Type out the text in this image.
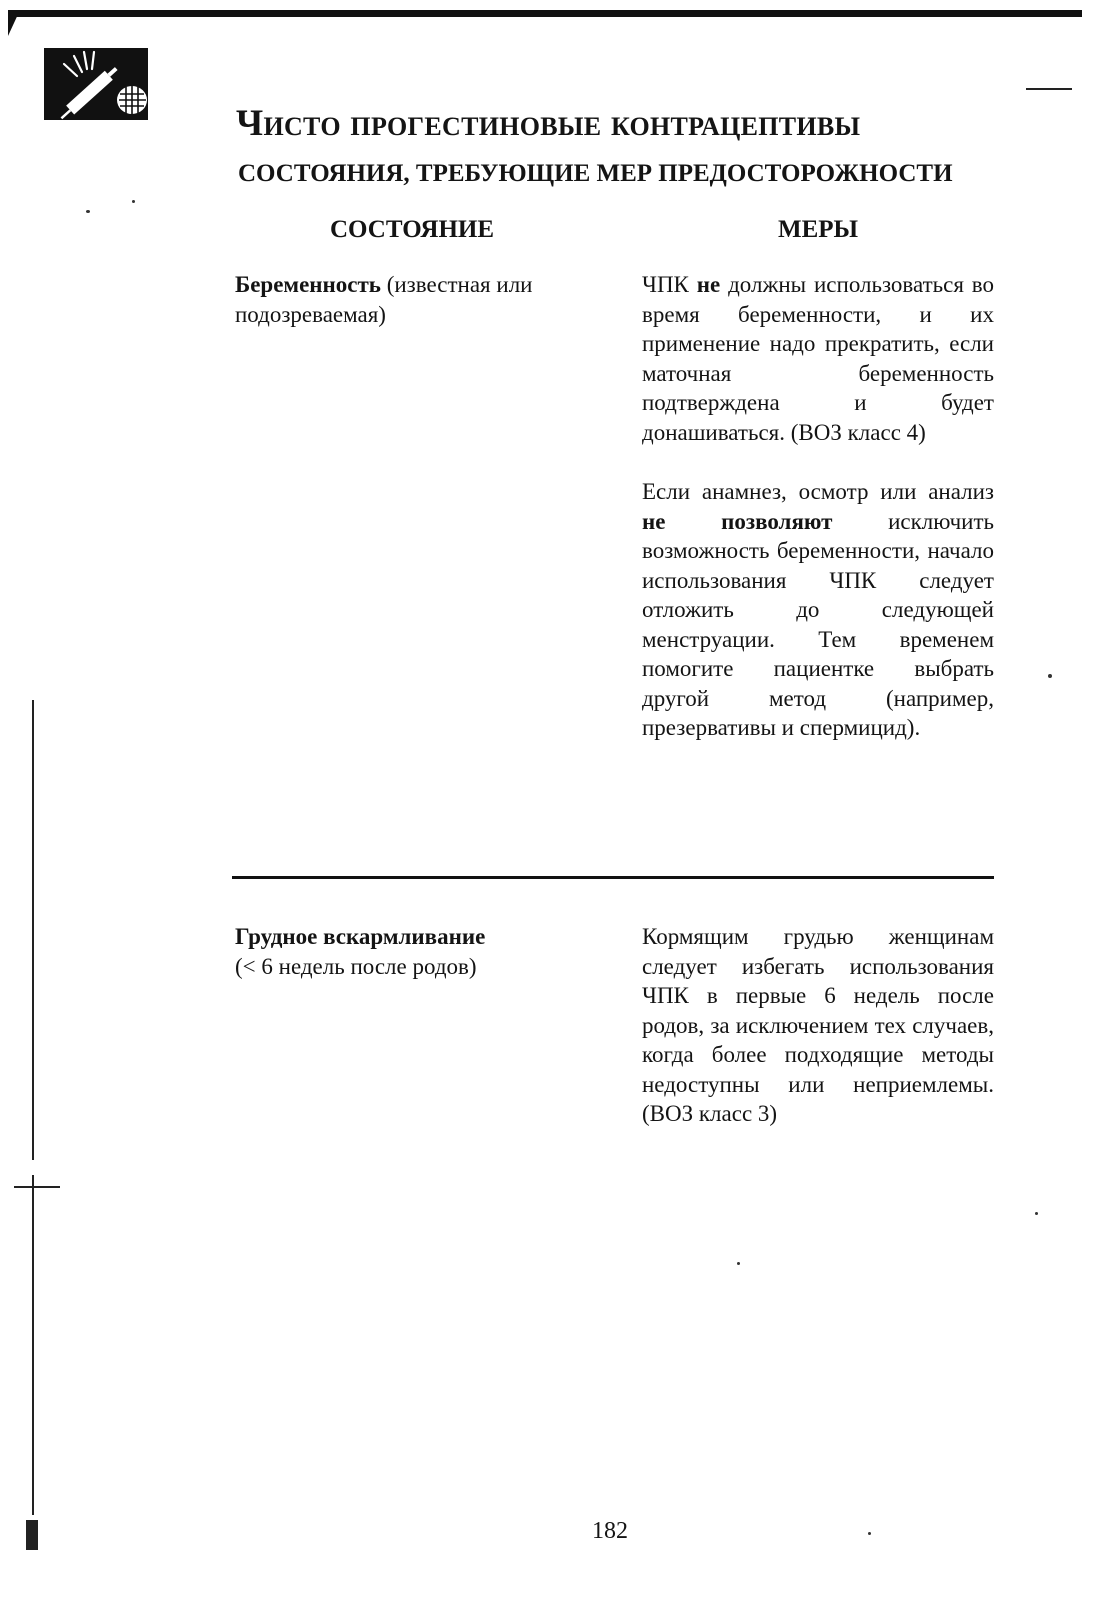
Чисто прогестиновые контрацептивы
СОСТОЯНИЯ, ТРЕБУЮЩИЕ МЕР ПРЕДОСТОРОЖНОСТИ
СОСТОЯНИЕ	МЕРЫ
Беременность (известная или подозреваемая)

ЧПК не должны использоваться во время беременности, и их применение надо прекратить, если маточная беременность подтверждена и будет донашиваться. (ВОЗ класс 4)

Если анамнез, осмотр или анализ не позволяют исключить возможность беременности, начало использования ЧПК следует отложить до следующей менструации. Тем временем помогите пациентке выбрать другой метод (например, презервативы и спермицид).

Грудное вскармливание
(< 6 недель после родов)

Кормящим грудью женщинам следует избегать использования ЧПК в первые 6 недель после родов, за исключением тех случаев, когда более подходящие методы недоступны или неприемлемы.(ВОЗ класс 3)

182
